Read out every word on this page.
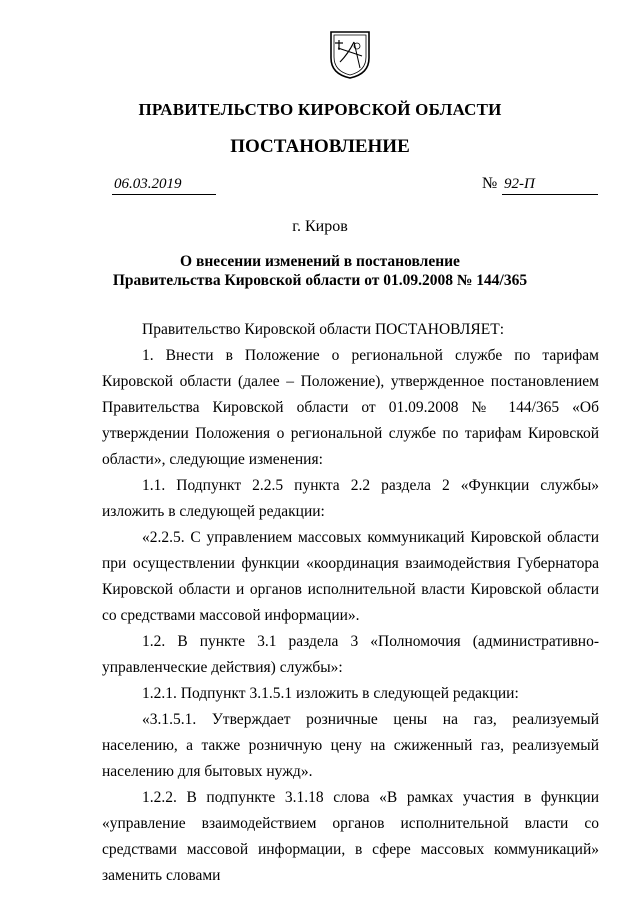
ПРАВИТЕЛЬСТВО КИРОВСКОЙ ОБЛАСТИ
ПОСТАНОВЛЕНИЕ
06.03.2019	№ 92-П
г. Киров
О внесении изменений в постановление
Правительства Кировской области от 01.09.2008 № 144/365

Правительство Кировской области ПОСТАНОВЛЯЕТ:

1. Внести в Положение о региональной службе по тарифам Кировской области (далее – Положение), утвержденное постановлением Правительства Кировской области от 01.09.2008 № 144/365 «Об утверждении Положения о региональной службе по тарифам Кировской области», следующие изменения:

1.1. Подпункт 2.2.5 пункта 2.2 раздела 2 «Функции службы» изложить в следующей редакции:

«2.2.5. С управлением массовых коммуникаций Кировской области при осуществлении функции «координация взаимодействия Губернатора Кировской области и органов исполнительной власти Кировской области со средствами массовой информации».

1.2. В пункте 3.1 раздела 3 «Полномочия (административно-управленческие действия) службы»:

1.2.1. Подпункт 3.1.5.1 изложить в следующей редакции:

«3.1.5.1. Утверждает розничные цены на газ, реализуемый населению, а также розничную цену на сжиженный газ, реализуемый населению для бытовых нужд».

1.2.2. В подпункте 3.1.18 слова «В рамках участия в функции «управление взаимодействием органов исполнительной власти со средствами массовой информации, в сфере массовых коммуникаций» заменить словами
